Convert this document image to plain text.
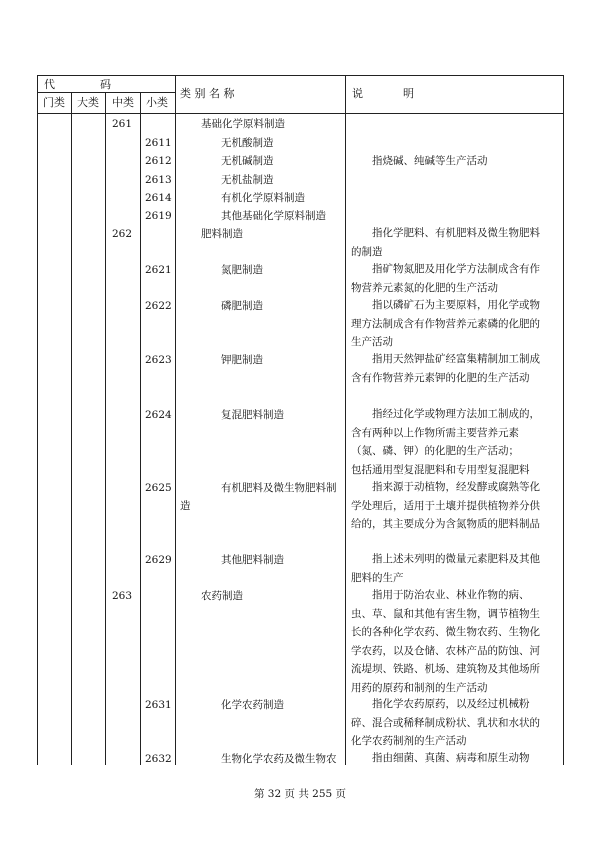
代	码
门类 大类 中类 小类
类 别 名 称	说	明
261	基础化学原料制造
2611	无机酸制造
2612	无机碱制造	指烧碱、纯碱等生产活动
2613	无机盐制造
2614	有机化学原料制造
2619	其他基础化学原料制造
262	肥料制造	指化学肥料、有机肥料及微生物肥料的制造
2621	氮肥制造	指矿物氮肥及用化学方法制成含有作物营养元素氮的化肥的生产活动
2622	磷肥制造	指以磷矿石为主要原料，用化学或物理方法制成含有作物营养元素磷的化肥的生产活动
2623	钾肥制造	指用天然钾盐矿经富集精制加工制成含有作物营养元素钾的化肥的生产活动
2624	复混肥料制造	指经过化学或物理方法加工制成的，含有两种以上作物所需主要营养元素（氮、磷、钾）的化肥的生产活动；
包括通用型复混肥料和专用型复混肥料
2625	有机肥料及微生物肥料制
造
指来源于动植物，经发酵或腐熟等化学处理后，适用于土壤并提供植物养分供给的，其主要成分为含氮物质的肥料制品
2629	其他肥料制造	指上述未列明的微量元素肥料及其他肥料的生产
263	农药制造	指用于防治农业、林业作物的病、虫、草、鼠和其他有害生物，调节植物生长的各种化学农药、微生物农药、生物化学农药，以及仓储、农林产品的防蚀、河流堤坝、铁路、机场、建筑物及其他场所用药的原药和制剂的生产活动
2631	化学农药制造	指化学农药原药，以及经过机械粉碎、混合或稀释制成粉状、乳状和水状的化学农药制剂的生产活动
2632	生物化学农药及微生物农	指由细菌、真菌、病毒和原生动物
第 32 页 共 255 页
